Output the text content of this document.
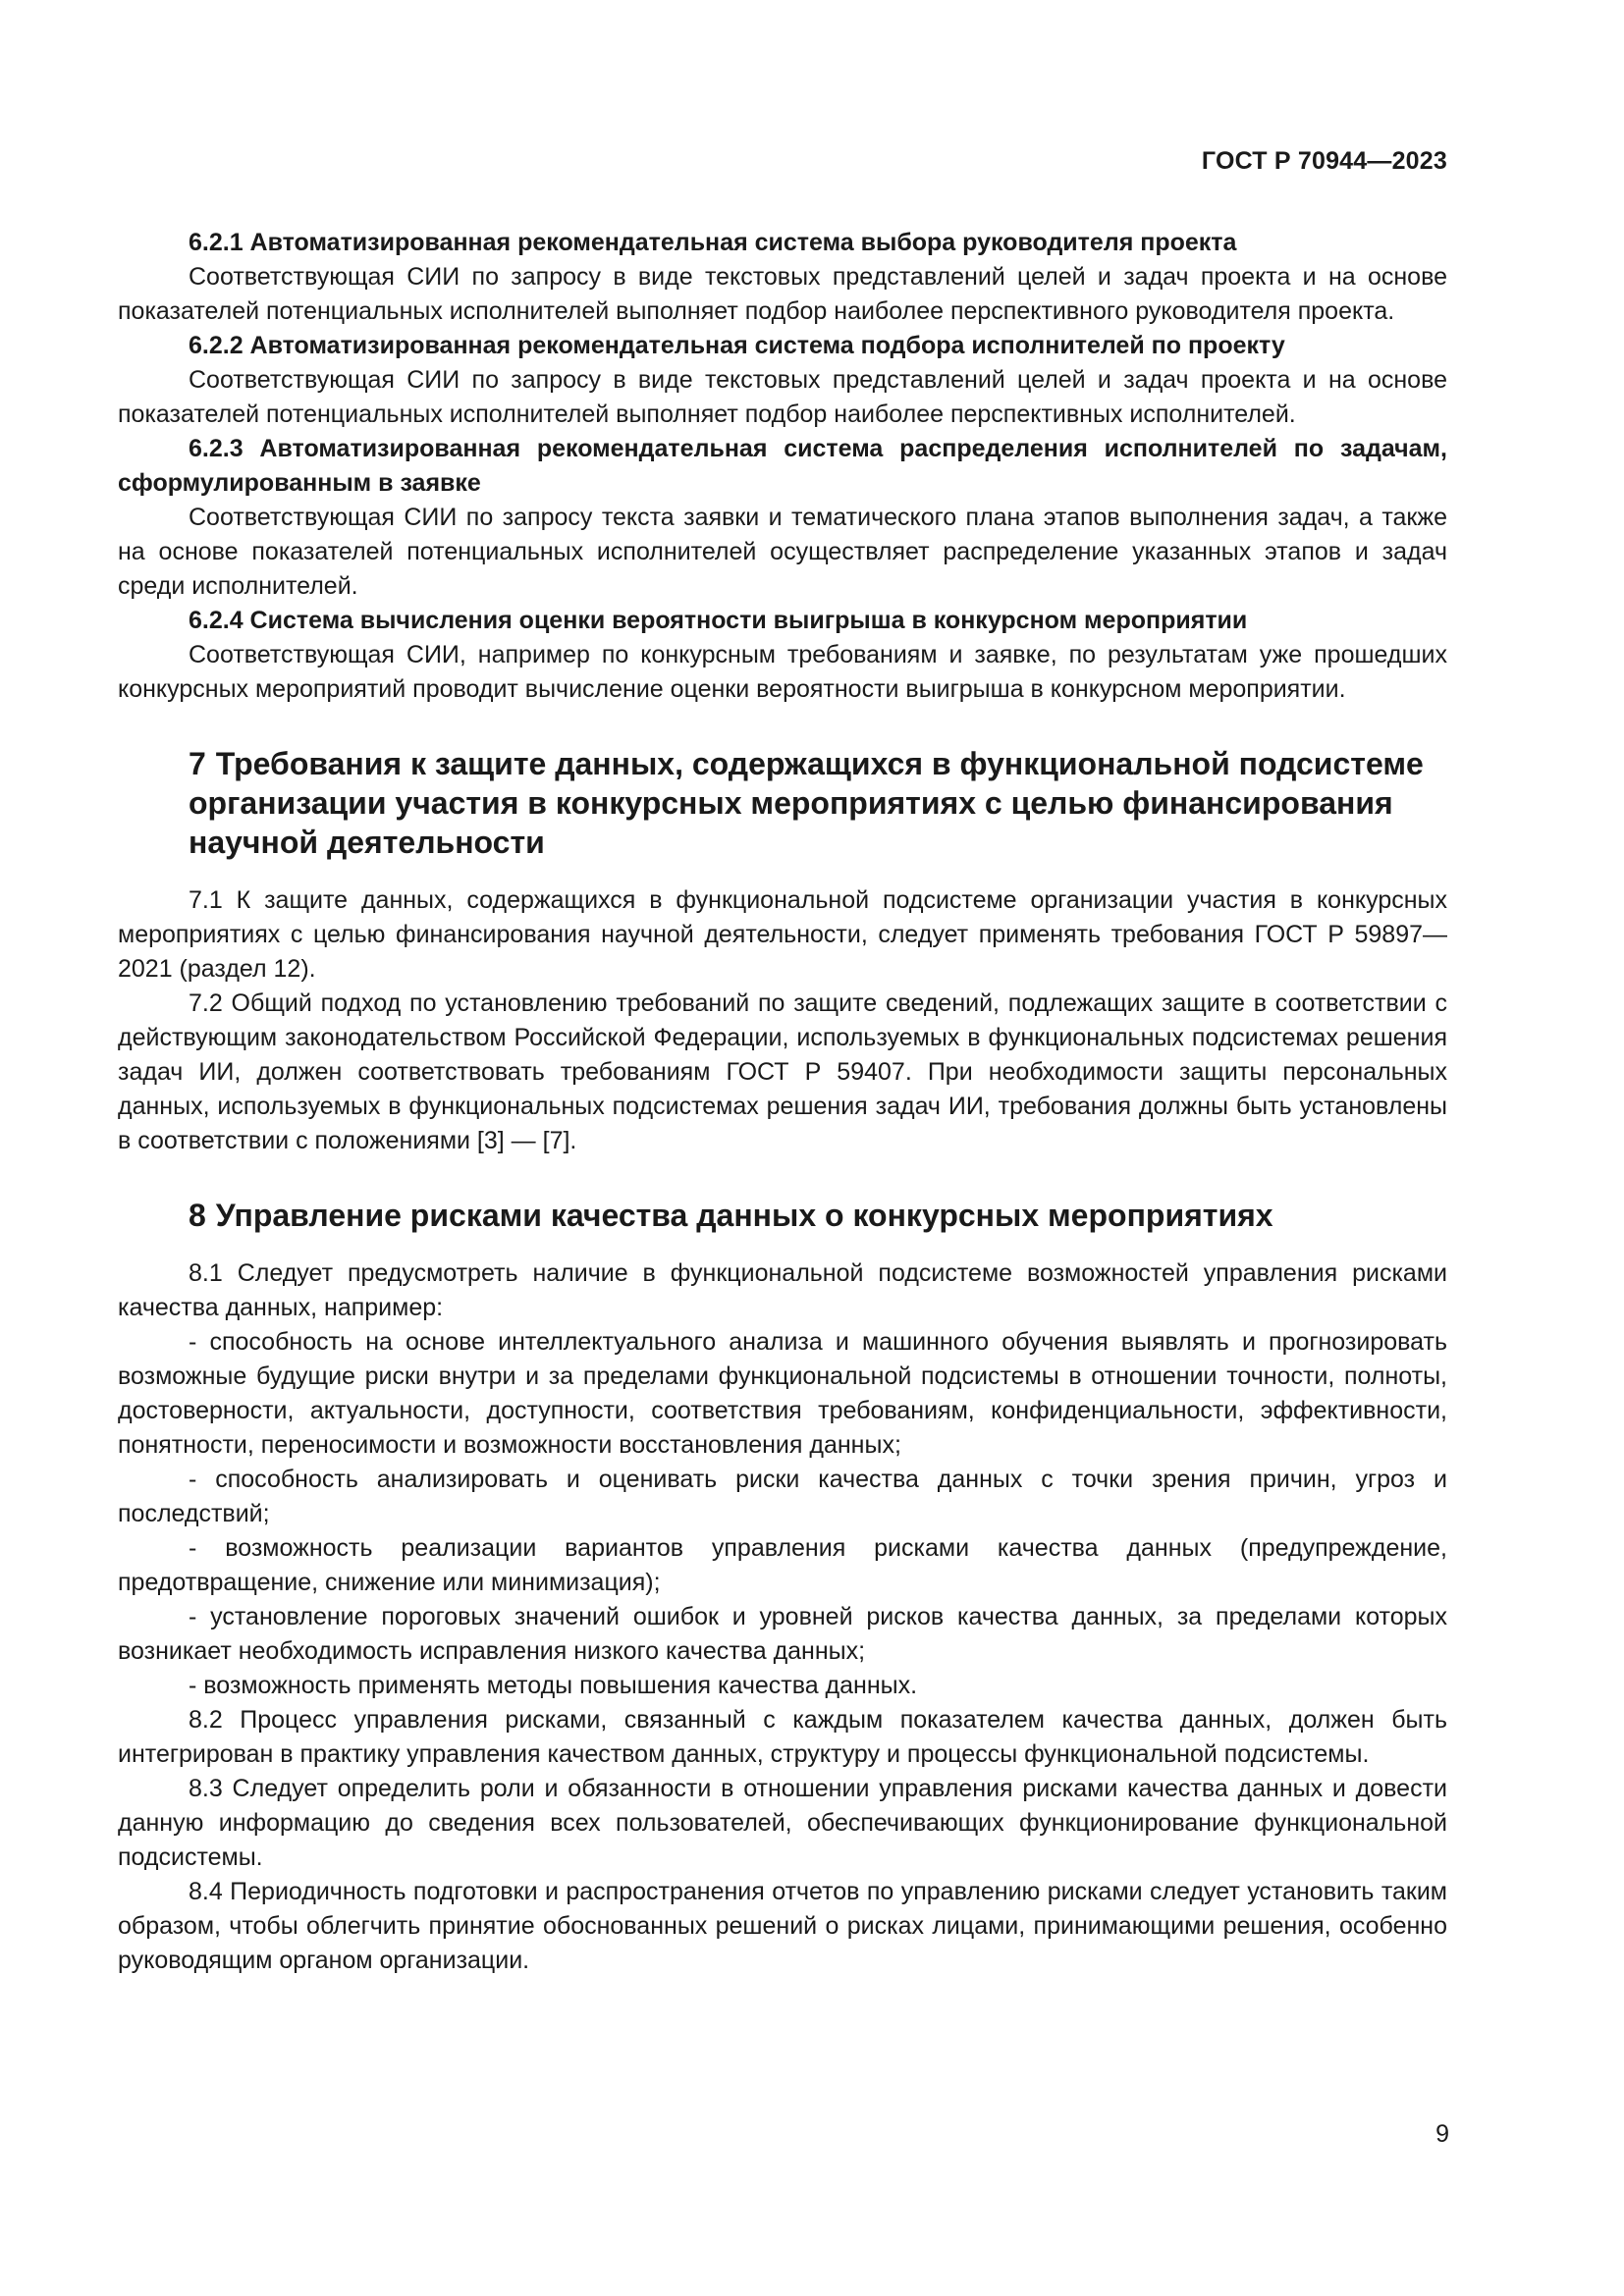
ГОСТ Р 70944—2023

6.2.1 Автоматизированная рекомендательная система выбора руководителя проекта

Соответствующая СИИ по запросу в виде текстовых представлений целей и задач проекта и на основе показателей потенциальных исполнителей выполняет подбор наиболее перспективного руководителя проекта.

6.2.2 Автоматизированная рекомендательная система подбора исполнителей по проекту

Соответствующая СИИ по запросу в виде текстовых представлений целей и задач проекта и на основе показателей потенциальных исполнителей выполняет подбор наиболее перспективных исполнителей.

6.2.3 Автоматизированная рекомендательная система распределения исполнителей по задачам, сформулированным в заявке

Соответствующая СИИ по запросу текста заявки и тематического плана этапов выполнения задач, а также на основе показателей потенциальных исполнителей осуществляет распределение указанных этапов и задач среди исполнителей.

6.2.4 Система вычисления оценки вероятности выигрыша в конкурсном мероприятии

Соответствующая СИИ, например по конкурсным требованиям и заявке, по результатам уже прошедших конкурсных мероприятий проводит вычисление оценки вероятности выигрыша в конкурсном мероприятии.

7 Требования к защите данных, содержащихся в функциональной подсистеме организации участия в конкурсных мероприятиях с целью финансирования научной деятельности

7.1 К защите данных, содержащихся в функциональной подсистеме организации участия в конкурсных мероприятиях с целью финансирования научной деятельности, следует применять требования ГОСТ Р 59897—2021 (раздел 12).

7.2 Общий подход по установлению требований по защите сведений, подлежащих защите в соответствии с действующим законодательством Российской Федерации, используемых в функциональных подсистемах решения задач ИИ, должен соответствовать требованиям ГОСТ Р 59407. При необходимости защиты персональных данных, используемых в функциональных подсистемах решения задач ИИ, требования должны быть установлены в соответствии с положениями [3] — [7].

8 Управление рисками качества данных о конкурсных мероприятиях

8.1 Следует предусмотреть наличие в функциональной подсистеме возможностей управления рисками качества данных, например:

- способность на основе интеллектуального анализа и машинного обучения выявлять и прогнозировать возможные будущие риски внутри и за пределами функциональной подсистемы в отношении точности, полноты, достоверности, актуальности, доступности, соответствия требованиям, конфиденциальности, эффективности, понятности, переносимости и возможности восстановления данных;

- способность анализировать и оценивать риски качества данных с точки зрения причин, угроз и последствий;

- возможность реализации вариантов управления рисками качества данных (предупреждение, предотвращение, снижение или минимизация);

- установление пороговых значений ошибок и уровней рисков качества данных, за пределами которых возникает необходимость исправления низкого качества данных;

- возможность применять методы повышения качества данных.

8.2 Процесс управления рисками, связанный с каждым показателем качества данных, должен быть интегрирован в практику управления качеством данных, структуру и процессы функциональной подсистемы.

8.3 Следует определить роли и обязанности в отношении управления рисками качества данных и довести данную информацию до сведения всех пользователей, обеспечивающих функционирование функциональной подсистемы.

8.4 Периодичность подготовки и распространения отчетов по управлению рисками следует установить таким образом, чтобы облегчить принятие обоснованных решений о рисках лицами, принимающими решения, особенно руководящим органом организации.

9
